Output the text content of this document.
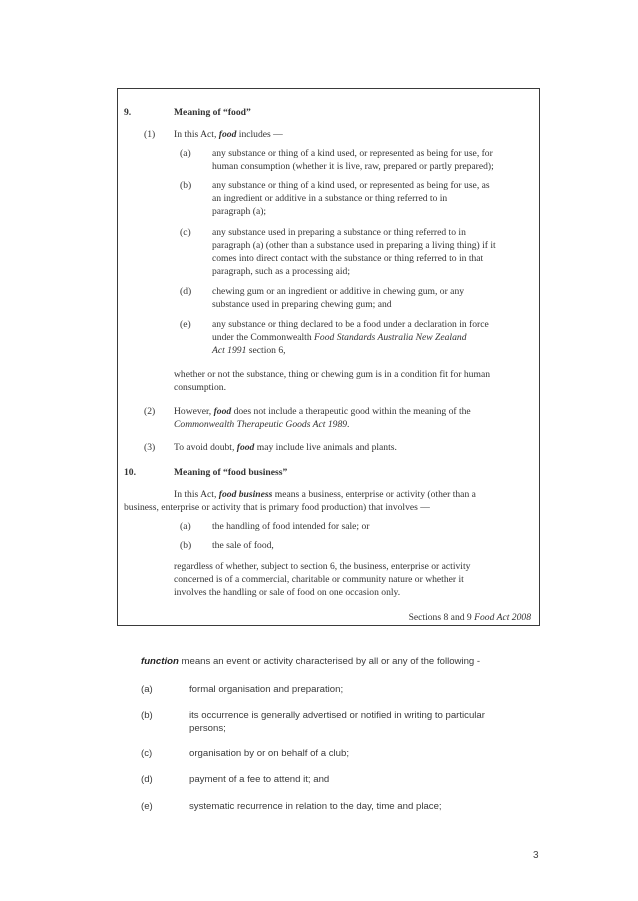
9.	Meaning of “food”
(1) In this Act, food includes —
(a) any substance or thing of a kind used, or represented as being for use, for
human consumption (whether it is live, raw, prepared or partly prepared);
(b) any substance or thing of a kind used, or represented as being for use, as
an ingredient or additive in a substance or thing referred to in
paragraph (a);
(c) any substance used in preparing a substance or thing referred to in
paragraph (a) (other than a substance used in preparing a living thing) if it
comes into direct contact with the substance or thing referred to in that
paragraph, such as a processing aid;
(d) chewing gum or an ingredient or additive in chewing gum, or any
substance used in preparing chewing gum; and
(e) any substance or thing declared to be a food under a declaration in force
under the Commonwealth Food Standards Australia New Zealand
Act 1991 section 6,
whether or not the substance, thing or chewing gum is in a condition fit for human
consumption.
(2) However, food does not include a therapeutic good within the meaning of the
Commonwealth Therapeutic Goods Act 1989.
(3) To avoid doubt, food may include live animals and plants.
10.	Meaning of “food business”
In this Act, food business means a business, enterprise or activity (other than a
business, enterprise or activity that is primary food production) that involves —
(a) the handling of food intended for sale; or
(b) the sale of food,
regardless of whether, subject to section 6, the business, enterprise or activity
concerned is of a commercial, charitable or community nature or whether it
involves the handling or sale of food on one occasion only.
Sections 8 and 9 Food Act 2008
function means an event or activity characterised by all or any of the following -
(a)	formal organisation and preparation;
(b)	its occurrence is generally advertised or notified in writing to particular
persons;
(c)	organisation by or on behalf of a club;
(d)	payment of a fee to attend it; and
(e)	systematic recurrence in relation to the day, time and place;
3
